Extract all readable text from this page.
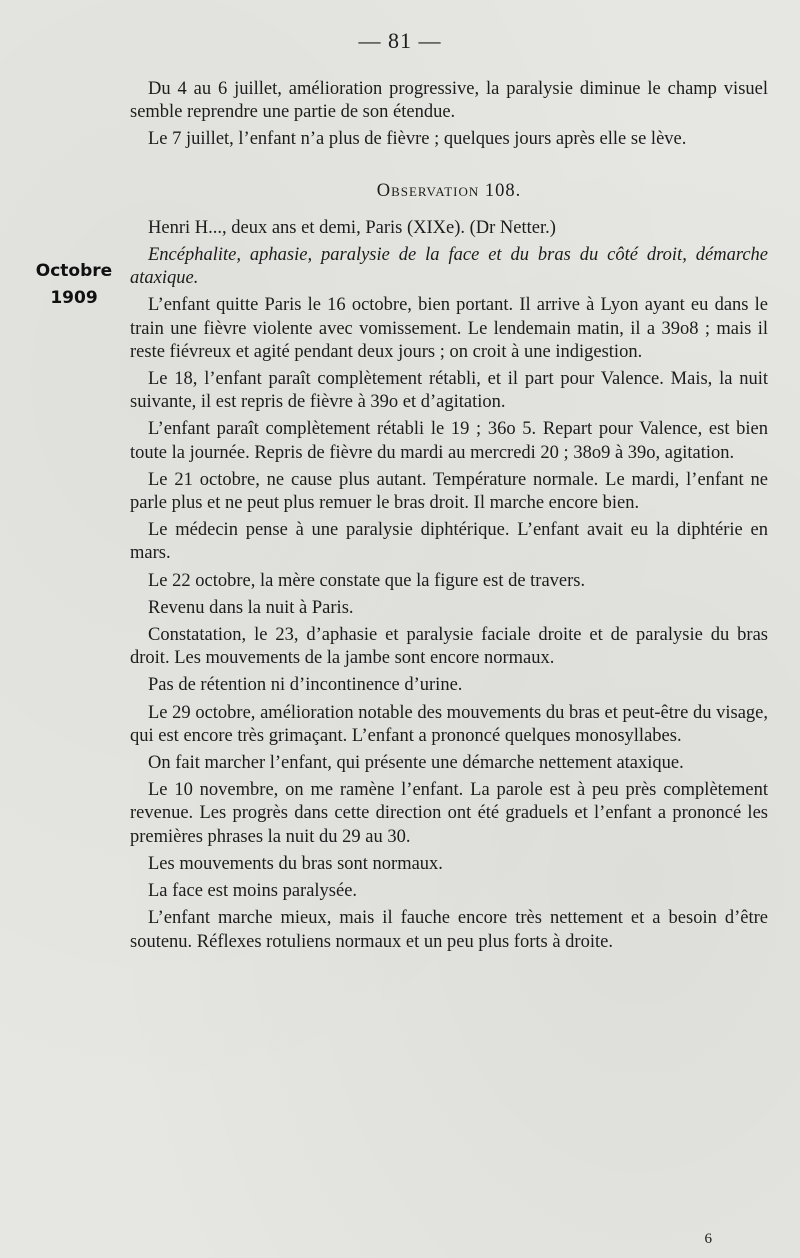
— 81 —
Octobre
1909

Du 4 au 6 juillet, amélioration progressive, la paralysie diminue le champ visuel semble reprendre une partie de son étendue.

Le 7 juillet, l’enfant n’a plus de fièvre ; quelques jours après elle se lève.

Observation 108.

Henri H..., deux ans et demi, Paris (XIXe). (Dr Netter.)

Encéphalite, aphasie, paralysie de la face et du bras du côté droit, démarche ataxique.

L’enfant quitte Paris le 16 octobre, bien portant. Il arrive à Lyon ayant eu dans le train une fièvre violente avec vomissement. Le lendemain matin, il a 39o8 ; mais il reste fiévreux et agité pendant deux jours ; on croit à une indigestion.

Le 18, l’enfant paraît complètement rétabli, et il part pour Valence. Mais, la nuit suivante, il est repris de fièvre à 39o et d’agitation.

L’enfant paraît complètement rétabli le 19 ; 36o 5. Repart pour Valence, est bien toute la journée. Repris de fièvre du mardi au mercredi 20 ; 38o9 à 39o, agitation.

Le 21 octobre, ne cause plus autant. Température normale. Le mardi, l’enfant ne parle plus et ne peut plus remuer le bras droit. Il marche encore bien.

Le médecin pense à une paralysie diphtérique. L’enfant avait eu la diphtérie en mars.

Le 22 octobre, la mère constate que la figure est de travers.

Revenu dans la nuit à Paris.

Constatation, le 23, d’aphasie et paralysie faciale droite et de paralysie du bras droit. Les mouvements de la jambe sont encore normaux.

Pas de rétention ni d’incontinence d’urine.

Le 29 octobre, amélioration notable des mouvements du bras et peut-être du visage, qui est encore très grimaçant. L’enfant a prononcé quelques monosyllabes.

On fait marcher l’enfant, qui présente une démarche nettement ataxique.

Le 10 novembre, on me ramène l’enfant. La parole est à peu près complètement revenue. Les progrès dans cette direction ont été graduels et l’enfant a prononcé les premières phrases la nuit du 29 au 30.

Les mouvements du bras sont normaux.

La face est moins paralysée.

L’enfant marche mieux, mais il fauche encore très nettement et a besoin d’être soutenu. Réflexes rotuliens normaux et un peu plus forts à droite.

6
